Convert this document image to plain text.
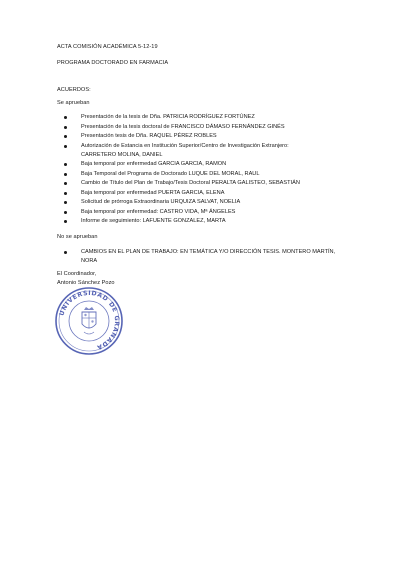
ACTA COMISIÓN ACADÉMICA 5-12-19
PROGRAMA DOCTORADO EN FARMACIA
ACUERDOS:
Se aprueban
Presentación de la tesis de Dña. PATRICIA RODRÍGUEZ FORTÚNEZ
Presentación de la tesis doctoral de FRANCISCO DÁMASO FERNÁNDEZ GINÉS
Presentación tesis de Dña. RAQUEL PÉREZ ROBLES
Autorización de Estancia en Institución Superior/Centro de Investigación Extranjero:
CARRETERO MOLINA, DANIEL
Baja temporal por enfermedad GARCIA GARCIA, RAMON
Baja Temporal del Programa de Doctorado LUQUE DEL MORAL, RAUL
Cambio de Título del Plan de Trabajo/Tesis Doctoral PERALTA GALISTEO, SEBASTIÁN
Baja temporal por enfermedad PUERTA GARCIA, ELENA
Solicitud de prórroga Extraordinaria URQUIZA SALVAT, NOELIA
Baja temporal por enfermedad: CASTRO VIDA, Mª ÁNGELES
Informe de seguimiento: LAFUENTE GONZALEZ, MARTA
No se aprueban
CAMBIOS EN EL PLAN DE TRABAJO: EN TEMÁTICA Y/O DIRECCIÓN TESIS. MONTERO MARTÍN,
NORA
El Coordinador,
Antonio Sánchez Pozo
UNIVERSIDAD DE GRANADA
